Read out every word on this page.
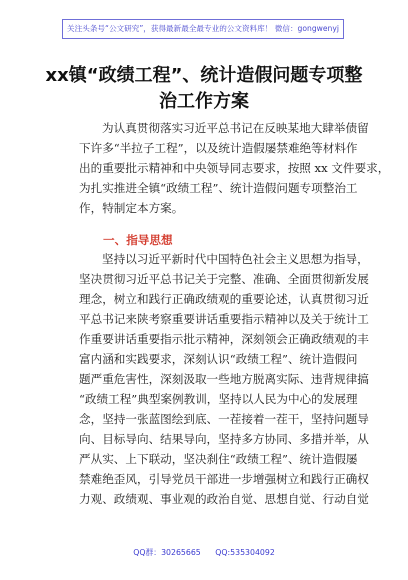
关注头条号“公文研究”，获得最新最全最专业的公文资料库！ 微信：gongwenyj
xx镇“政绩工程”、统计造假问题专项整
治工作方案
为认真贯彻落实习近平总书记在反映某地大肆举债留
下许多“半拉子工程”，以及统计造假屡禁难绝等材料作
出的重要批示精神和中央领导同志要求，按照 xx 文件要求，
为扎实推进全镇“政绩工程”、统计造假问题专项整治工
作，特制定本方案。
一、指导思想
坚持以习近平新时代中国特色社会主义思想为指导，
坚决贯彻习近平总书记关于完整、准确、全面贯彻新发展
理念，树立和践行正确政绩观的重要论述，认真贯彻习近
平总书记来陕考察重要讲话重要指示精神以及关于统计工
作重要讲话重要指示批示精神，深刻领会正确政绩观的丰
富内涵和实践要求，深刻认识“政绩工程”、统计造假问
题严重危害性，深刻汲取一些地方脱离实际、违背规律搞
“政绩工程”典型案例教训，坚持以人民为中心的发展理
念，坚持一张蓝图绘到底、一茬接着一茬干，坚持问题导
向、目标导向、结果导向，坚持多方协同、多措并举，从
严从实、上下联动，坚决刹住“政绩工程”、统计造假屡
禁难绝歪风，引导党员干部进一步增强树立和践行正确权
力观、政绩观、事业观的政治自觉、思想自觉、行动自觉
QQ群：30265665 QQ:535304092
